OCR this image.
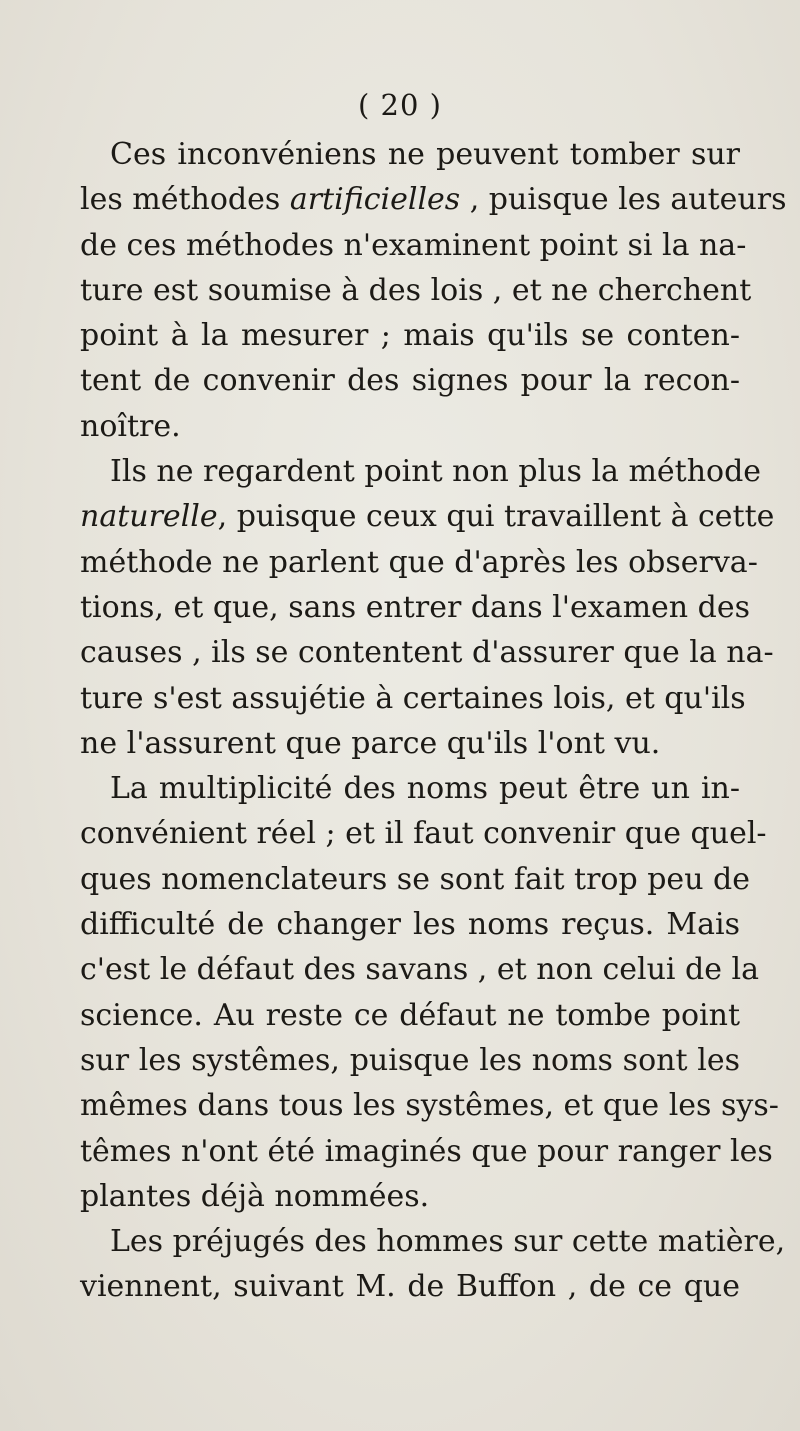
( 20 )
Ces inconvéniens ne peuvent tomber sur
les méthodes artificielles , puisque les auteurs
de ces méthodes n'examinent point si la na-
ture est soumise à des lois , et ne cherchent
point à la mesurer ; mais qu'ils se conten-
tent de convenir des signes pour la recon-
noître.
Ils ne regardent point non plus la méthode
naturelle, puisque ceux qui travaillent à cette
méthode ne parlent que d'après les observa-
tions, et que, sans entrer dans l'examen des
causes , ils se contentent d'assurer que la na-
ture s'est assujétie à certaines lois, et qu'ils
ne l'assurent que parce qu'ils l'ont vu.
La multiplicité des noms peut être un in-
convénient réel ; et il faut convenir que quel-
ques nomenclateurs se sont fait trop peu de
difficulté de changer les noms reçus. Mais
c'est le défaut des savans , et non celui de la
science. Au reste ce défaut ne tombe point
sur les systêmes, puisque les noms sont les
mêmes dans tous les systêmes, et que les sys-
têmes n'ont été imaginés que pour ranger les
plantes déjà nommées.
Les préjugés des hommes sur cette matière,
viennent, suivant M. de Buffon , de ce que
